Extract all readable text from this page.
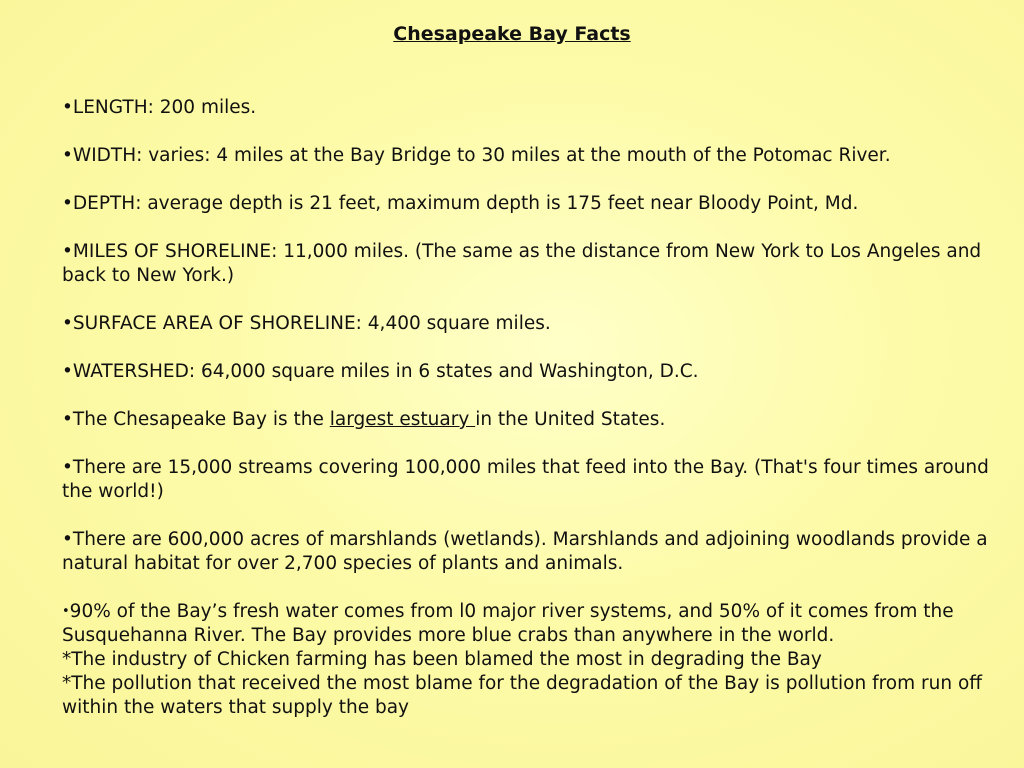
Chesapeake Bay Facts
•LENGTH: 200 miles.
•WIDTH: varies: 4 miles at the Bay Bridge to 30 miles at the mouth of the Potomac River.
•DEPTH: average depth is 21 feet, maximum depth is 175 feet near Bloody Point, Md.
•MILES OF SHORELINE: 11,000 miles. (The same as the distance from New York to Los Angeles and back to New York.)
•SURFACE AREA OF SHORELINE: 4,400 square miles.
•WATERSHED: 64,000 square miles in 6 states and Washington, D.C.
•The Chesapeake Bay is the largest estuary in the United States.
•There are 15,000 streams covering 100,000 miles that feed into the Bay. (That's four times around the world!)
•There are 600,000 acres of marshlands (wetlands). Marshlands and adjoining woodlands provide a natural habitat for over 2,700 species of plants and animals.
•90% of the Bay’s fresh water comes from l0 major river systems, and 50% of it comes from the Susquehanna River. The Bay provides more blue crabs than anywhere in the world.
*The industry of Chicken farming has been blamed the most in degrading the Bay
*The pollution that received the most blame for the degradation of the Bay is pollution from run off within the waters that supply the bay
